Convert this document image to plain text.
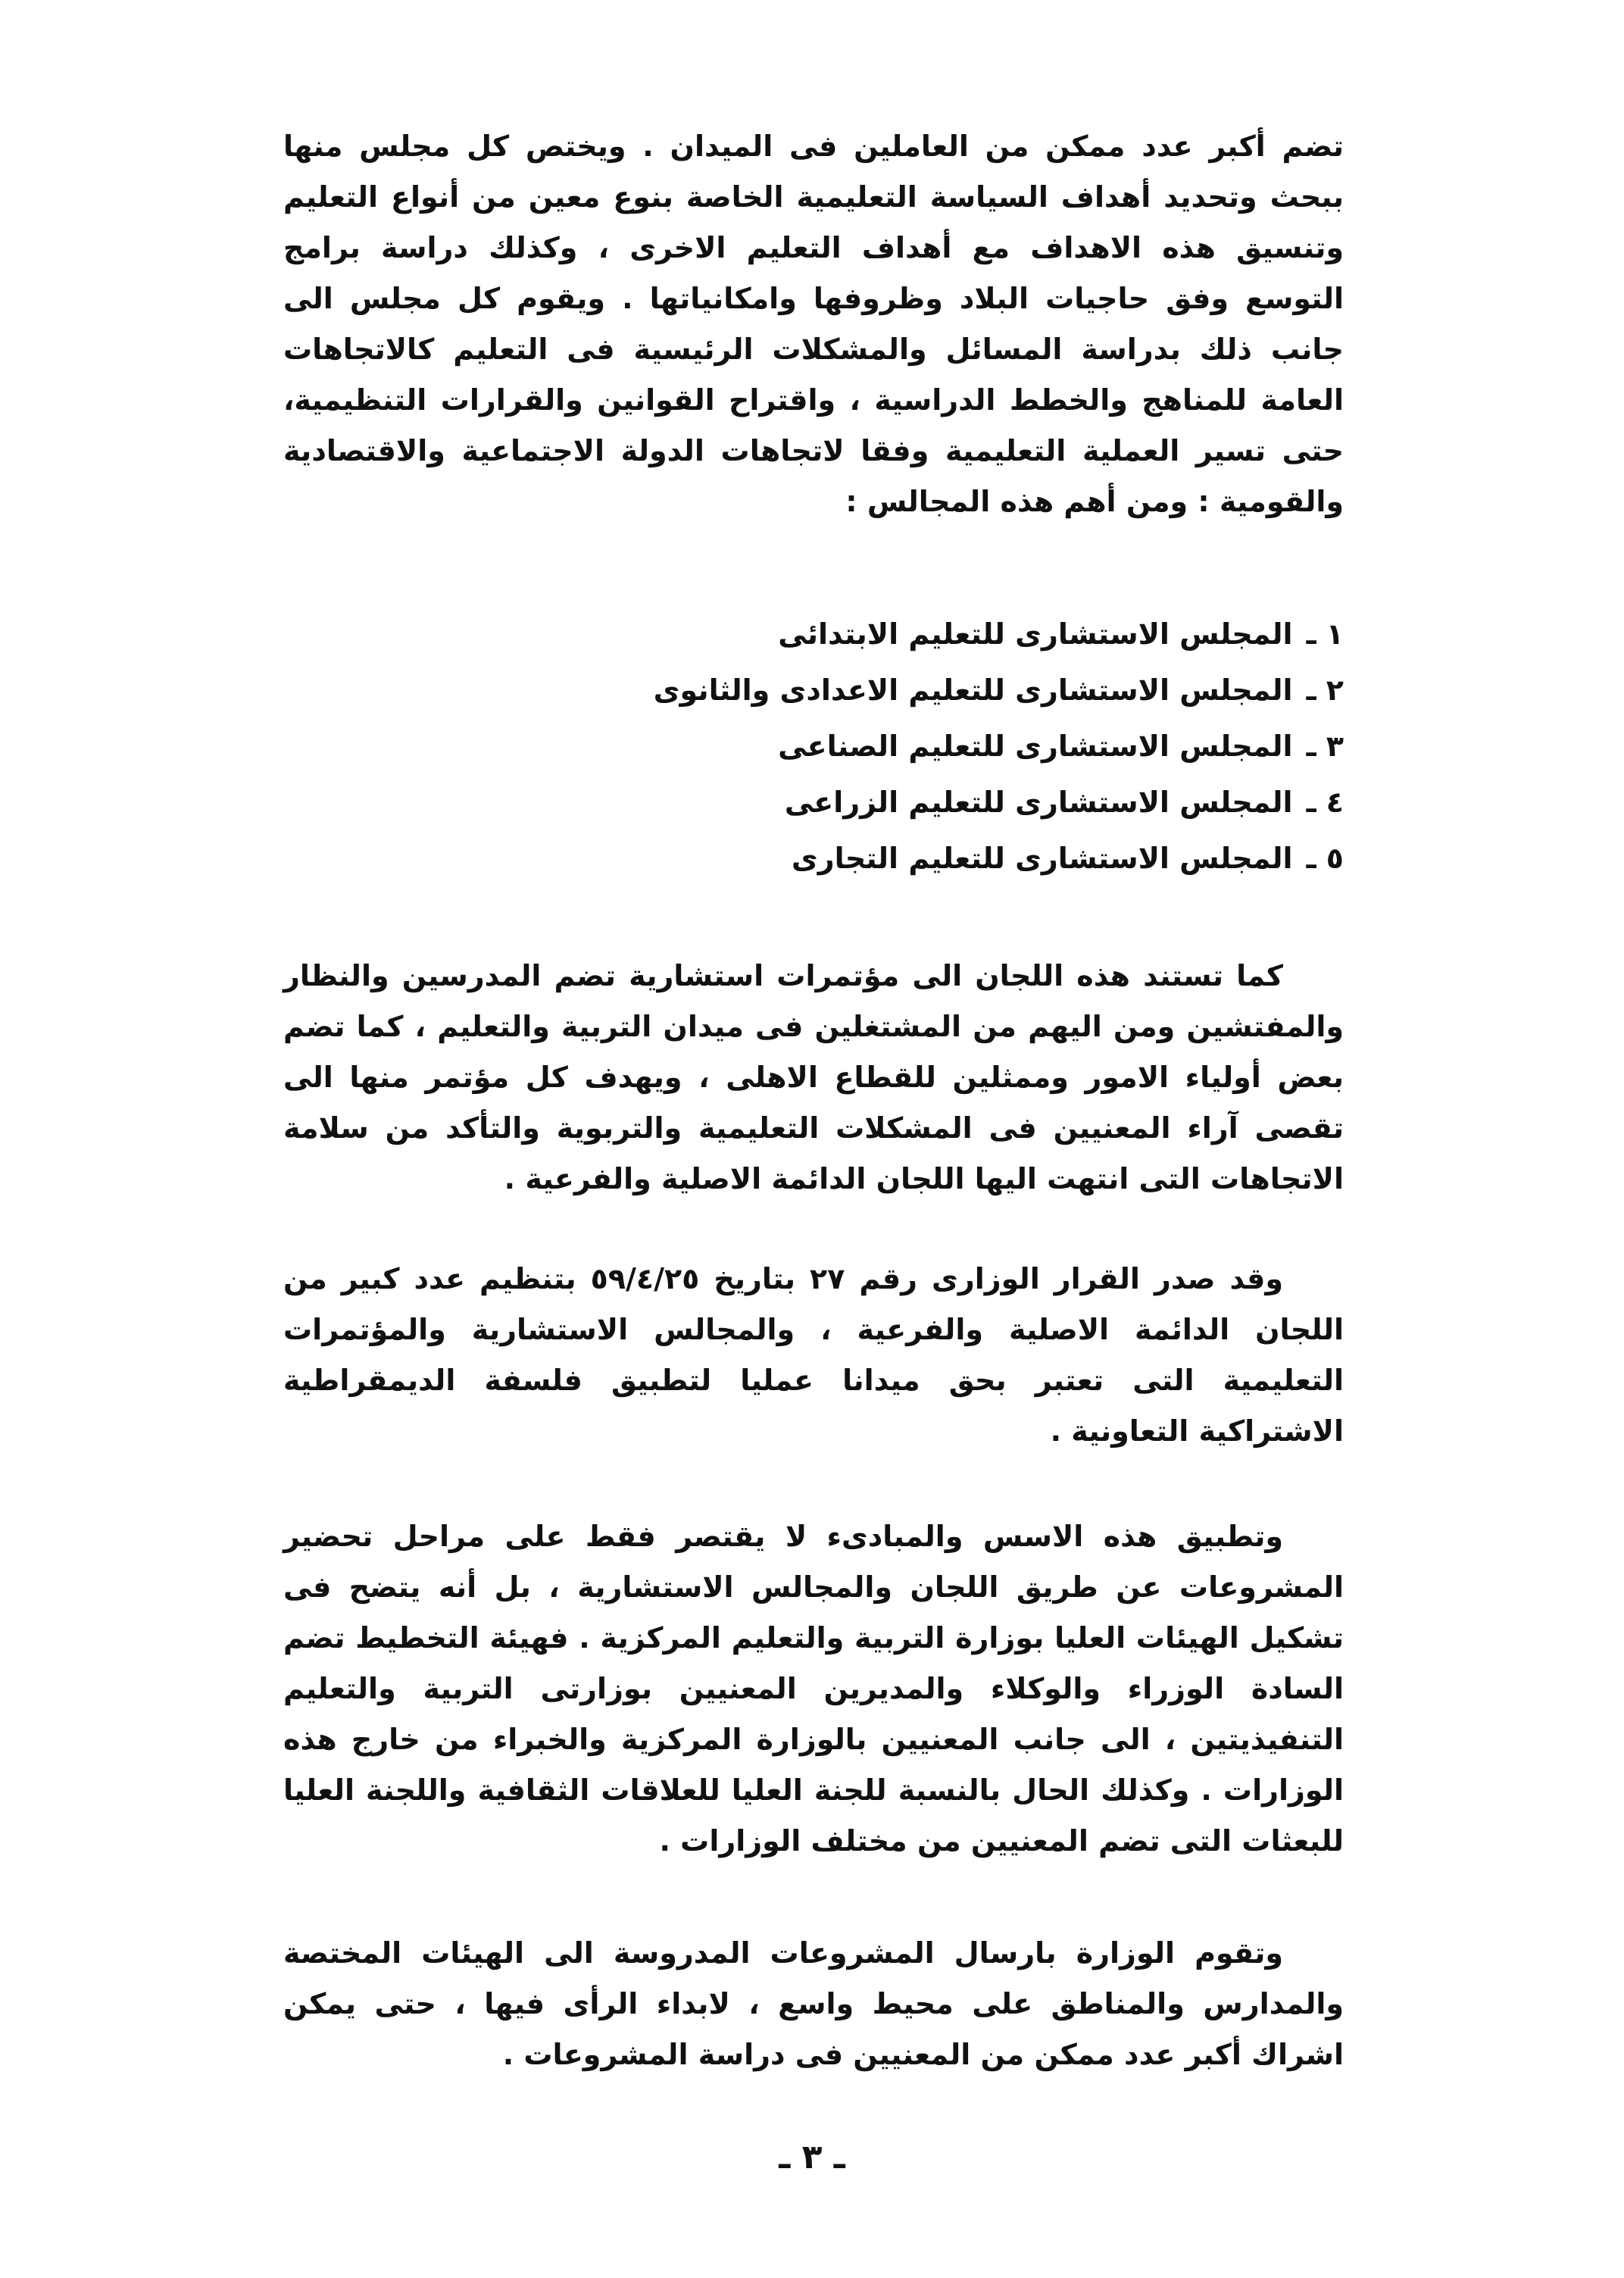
تضم أكبر عدد ممكن من العاملين فى الميدان . ويختص كل مجلس منها ببحث وتحديد أهداف السياسة التعليمية الخاصة بنوع معين من أنواع التعليم وتنسيق هذه الاهداف مع أهداف التعليم الاخرى ، وكذلك دراسة برامج التوسع وفق حاجيات البلاد وظروفها وامكانياتها . ويقوم كل مجلس الى جانب ذلك بدراسة المسائل والمشكلات الرئيسية فى التعليم كالاتجاهات العامة للمناهج والخطط الدراسية ، واقتراح القوانين والقرارات التنظيمية، حتى تسير العملية التعليمية وفقا لاتجاهات الدولة الاجتماعية والاقتصادية والقومية : ومن أهم هذه المجالس :

١ ـ
المجلس الاستشارى للتعليم الابتدائى
٢ ـ
المجلس الاستشارى للتعليم الاعدادى والثانوى
٣ ـ
المجلس الاستشارى للتعليم الصناعى
٤ ـ
المجلس الاستشارى للتعليم الزراعى
٥ ـ
المجلس الاستشارى للتعليم التجارى

كما تستند هذه اللجان الى مؤتمرات استشارية تضم المدرسين والنظار والمفتشين ومن اليهم من المشتغلين فى ميدان التربية والتعليم ، كما تضم بعض أولياء الامور وممثلين للقطاع الاهلى ، ويهدف كل مؤتمر منها الى تقصى آراء المعنيين فى المشكلات التعليمية والتربوية والتأكد من سلامة الاتجاهات التى انتهت اليها اللجان الدائمة الاصلية والفرعية .

وقد صدر القرار الوزارى رقم ٢٧ بتاريخ ٥٩/٤/٢٥ بتنظيم عدد كبير من اللجان الدائمة الاصلية والفرعية ، والمجالس الاستشارية والمؤتمرات التعليمية التى تعتبر بحق ميدانا عمليا لتطبيق فلسفة الديمقراطية الاشتراكية التعاونية .

وتطبيق هذه الاسس والمبادىء لا يقتصر فقط على مراحل تحضير المشروعات عن طريق اللجان والمجالس الاستشارية ، بل أنه يتضح فى تشكيل الهيئات العليا بوزارة التربية والتعليم المركزية . فهيئة التخطيط تضم السادة الوزراء والوكلاء والمديرين المعنيين بوزارتى التربية والتعليم التنفيذيتين ، الى جانب المعنيين بالوزارة المركزية والخبراء من خارج هذه الوزارات . وكذلك الحال بالنسبة للجنة العليا للعلاقات الثقافية واللجنة العليا للبعثات التى تضم المعنيين من مختلف الوزارات .

وتقوم الوزارة بارسال المشروعات المدروسة الى الهيئات المختصة والمدارس والمناطق على محيط واسع ، لابداء الرأى فيها ، حتى يمكن اشراك أكبر عدد ممكن من المعنيين فى دراسة المشروعات .

ـ ٣ ـ
